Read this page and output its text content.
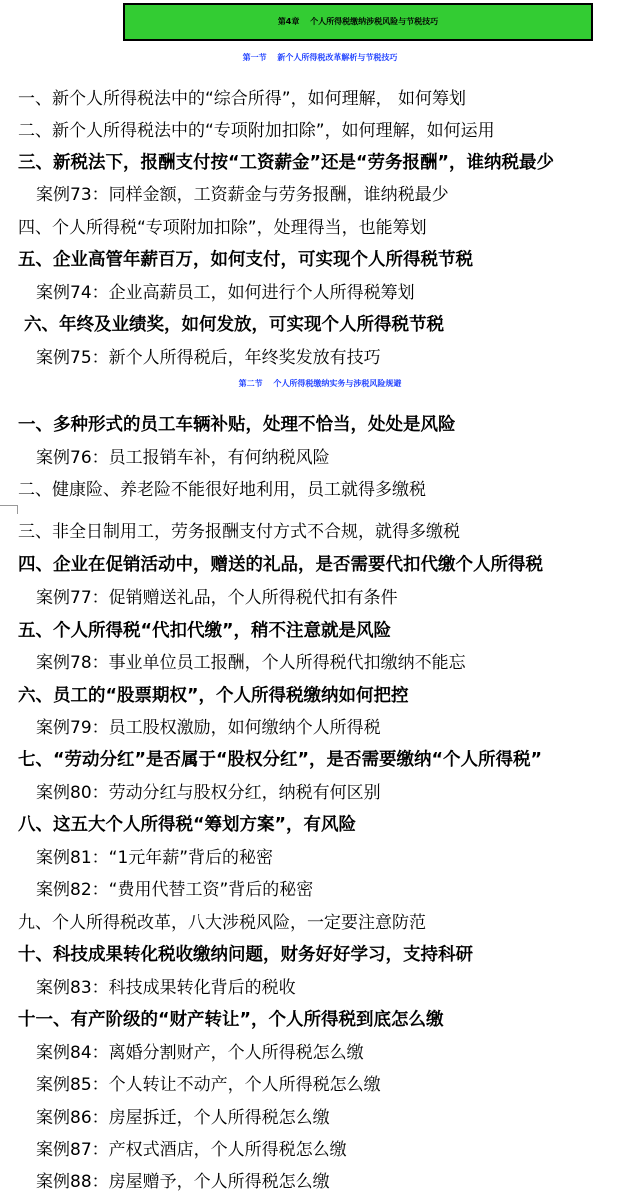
第4章　 个人所得税缴纳涉税风险与节税技巧
第一节　 新个人所得税改革解析与节税技巧
一、新个人所得税法中的“综合所得”，如何理解， 如何筹划
二、新个人所得税法中的“专项附加扣除”，如何理解，如何运用
三、新税法下，报酬支付按“工资薪金”还是“劳务报酬”，谁纳税最少
案例73：同样金额，工资薪金与劳务报酬，谁纳税最少
四、个人所得税“专项附加扣除”，处理得当，也能筹划
五、企业高管年薪百万，如何支付，可实现个人所得税节税
案例74：企业高薪员工，如何进行个人所得税筹划
六、年终及业绩奖，如何发放，可实现个人所得税节税
案例75：新个人所得税后，年终奖发放有技巧
第二节　 个人所得税缴纳实务与涉税风险规避
一、多种形式的员工车辆补贴，处理不恰当，处处是风险
案例76：员工报销车补，有何纳税风险
二、健康险、养老险不能很好地利用，员工就得多缴税
三、非全日制用工，劳务报酬支付方式不合规，就得多缴税
四、企业在促销活动中，赠送的礼品，是否需要代扣代缴个人所得税
案例77：促销赠送礼品，个人所得税代扣有条件
五、个人所得税“代扣代缴”，稍不注意就是风险
案例78：事业单位员工报酬，个人所得税代扣缴纳不能忘
六、员工的“股票期权”，个人所得税缴纳如何把控
案例79：员工股权激励，如何缴纳个人所得税
七、“劳动分红”是否属于“股权分红”，是否需要缴纳“个人所得税”
案例80：劳动分红与股权分红，纳税有何区别
八、这五大个人所得税“筹划方案”，有风险
案例81：“1元年薪”背后的秘密
案例82：“费用代替工资”背后的秘密
九、个人所得税改革，八大涉税风险，一定要注意防范
十、科技成果转化税收缴纳问题，财务好好学习，支持科研
案例83：科技成果转化背后的税收
十一、有产阶级的“财产转让”，个人所得税到底怎么缴
案例84：离婚分割财产，个人所得税怎么缴
案例85：个人转让不动产，个人所得税怎么缴
案例86：房屋拆迁，个人所得税怎么缴
案例87：产权式酒店，个人所得税怎么缴
案例88：房屋赠予，个人所得税怎么缴
